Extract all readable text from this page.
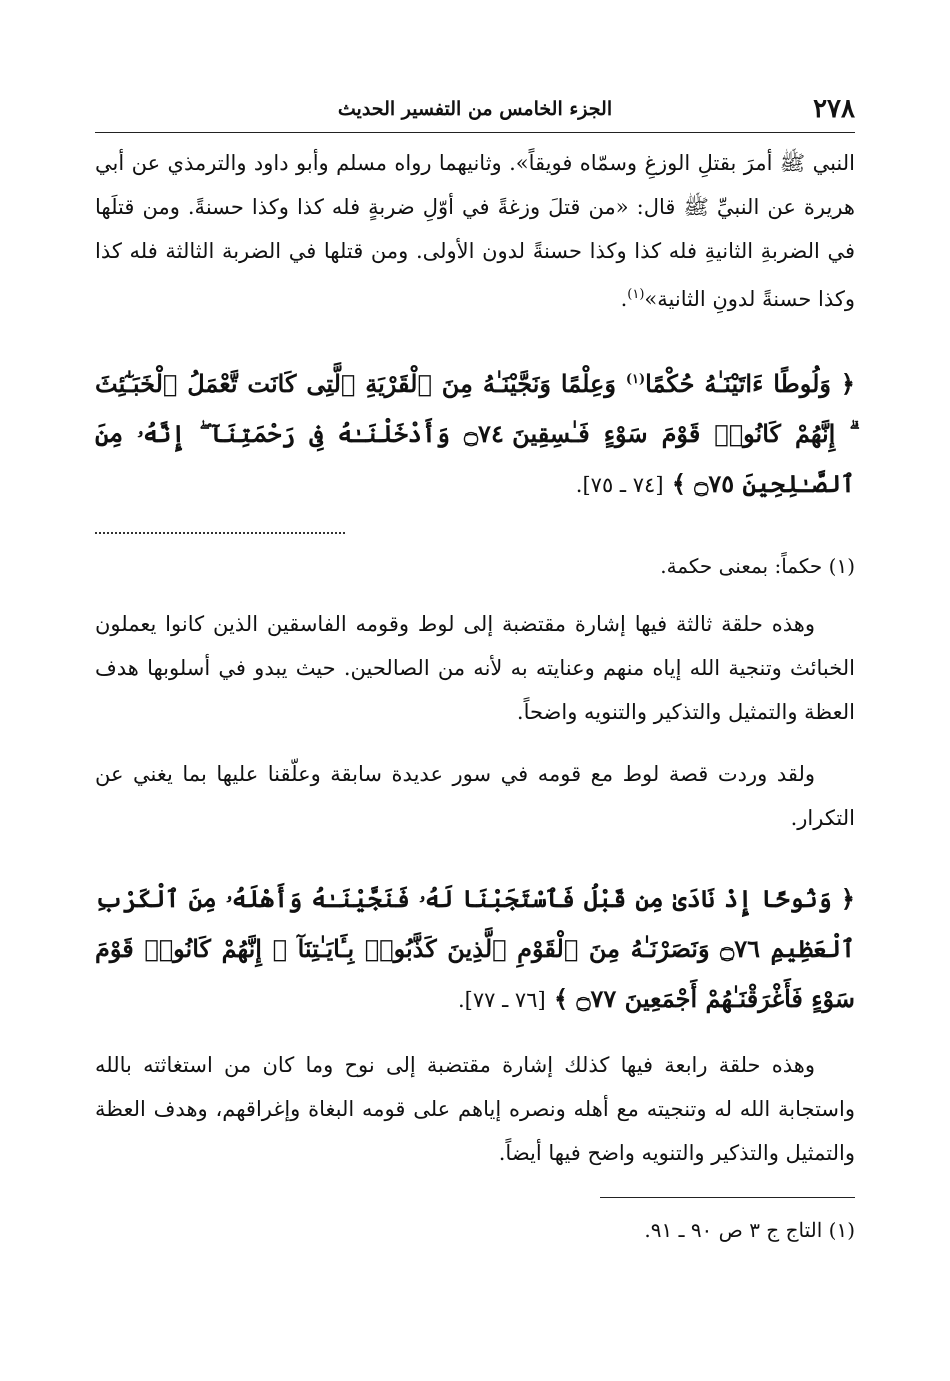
٢٧٨
الجزء الخامس من التفسير الحديث

النبي ﷺ أمرَ بقتلِ الوزغِ وسمّاه فويقاً». وثانيهما رواه مسلم وأبو داود والترمذي عن أبي هريرة عن النبيِّ ﷺ قال: «من قتلَ وزغةً في أوّلِ ضربةٍ فله كذا وكذا حسنةً. ومن قتلَها في الضربةِ الثانيةِ فله كذا وكذا حسنةً لدون الأولى. ومن قتلها في الضربة الثالثة فله كذا وكذا حسنةً لدونِ الثانية»$^{(١)}$.

﴿ وَلُوطًا ءَاتَيْنَـٰهُ حُكْمًا$^{(١)}$ وَعِلْمًا وَنَجَّيْنَـٰهُ مِنَ ٱلْقَرْيَةِ ٱلَّتِى كَانَت تَّعْمَلُ ٱلْخَبَـٰٓئِثَ ۗ إِنَّهُمْ كَانُوا۟ قَوْمَ سَوْءٍ فَـٰسِقِينَ ۝٧٤ وَأَدْخَلْنَـٰهُ فِى رَحْمَتِنَآ ۖ إِنَّهُۥ مِنَ ٱلصَّـٰلِحِينَ ۝٧٥ ﴾ [٧٤ ـ ٧٥].

(١) حكماً: بمعنى حكمة.

وهذه حلقة ثالثة فيها إشارة مقتضبة إلى لوط وقومه الفاسقين الذين كانوا يعملون الخبائث وتنجية الله إياه منهم وعنايته به لأنه من الصالحين. حيث يبدو في أسلوبها هدف العظة والتمثيل والتذكير والتنويه واضحاً.

ولقد وردت قصة لوط مع قومه في سور عديدة سابقة وعلّقنا عليها بما يغني عن التكرار.

﴿ وَنُوحًا إِذْ نَادَىٰ مِن قَبْلُ فَٱسْتَجَبْنَا لَهُۥ فَنَجَّيْنَـٰهُ وَأَهْلَهُۥ مِنَ ٱلْكَرْبِ ٱلْعَظِيمِ ۝٧٦ وَنَصَرْنَـٰهُ مِنَ ٱلْقَوْمِ ٱلَّذِينَ كَذَّبُوا۟ بِـَٔايَـٰتِنَآ ۚ إِنَّهُمْ كَانُوا۟ قَوْمَ سَوْءٍ فَأَغْرَقْنَـٰهُمْ أَجْمَعِينَ ۝٧٧ ﴾ [٧٦ ـ ٧٧].

وهذه حلقة رابعة فيها كذلك إشارة مقتضبة إلى نوح وما كان من استغاثته بالله واستجابة الله له وتنجيته مع أهله ونصره إياهم على قومه البغاة وإغراقهم، وهدف العظة والتمثيل والتذكير والتنويه واضح فيها أيضاً.

(١) التاج ج ٣ ص ٩٠ ـ ٩١.
